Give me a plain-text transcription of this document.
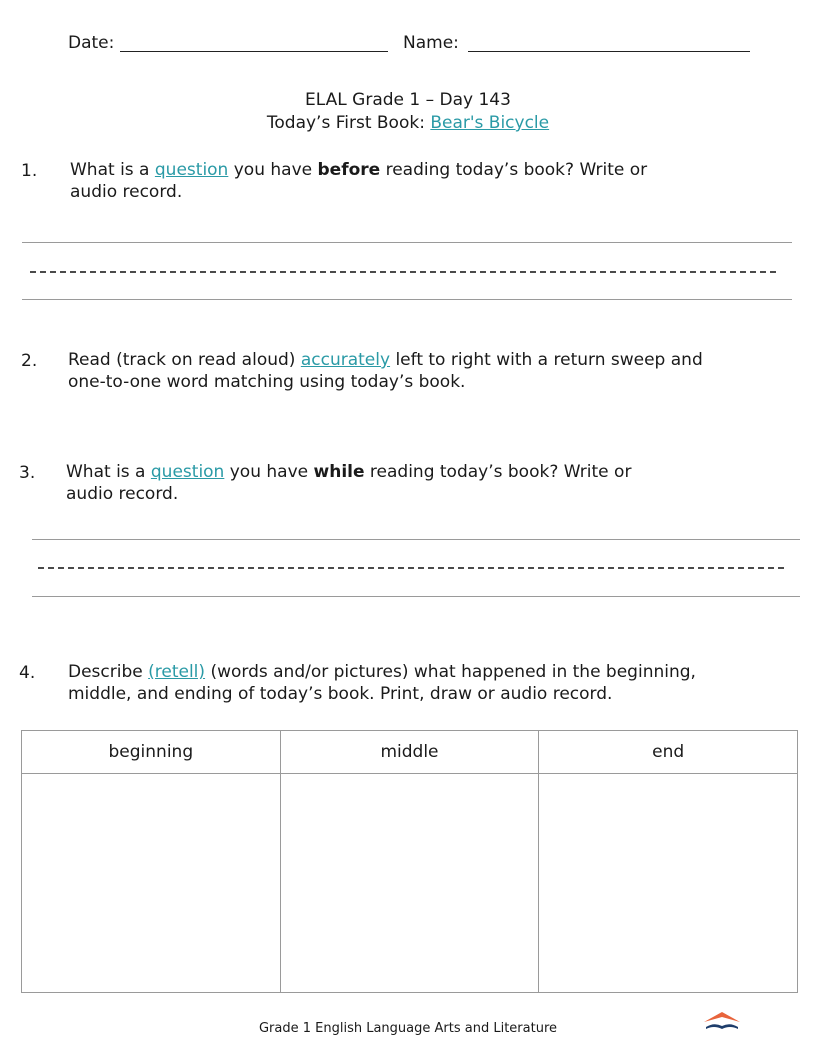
Date:	Name:
ELAL Grade 1 – Day 143
Today’s First Book: Bear's Bicycle
1. What is a question you have before reading today’s book? Write or
audio record.
2. Read (track on read aloud) accurately left to right with a return sweep and
one-to-one word matching using today’s book.
3. What is a question you have while reading today’s book? Write or
audio record.
4. Describe (retell) (words and/or pictures) what happened in the beginning,
middle, and ending of today’s book. Print, draw or audio record.
beginning	middle	end

Grade 1 English Language Arts and Literature
